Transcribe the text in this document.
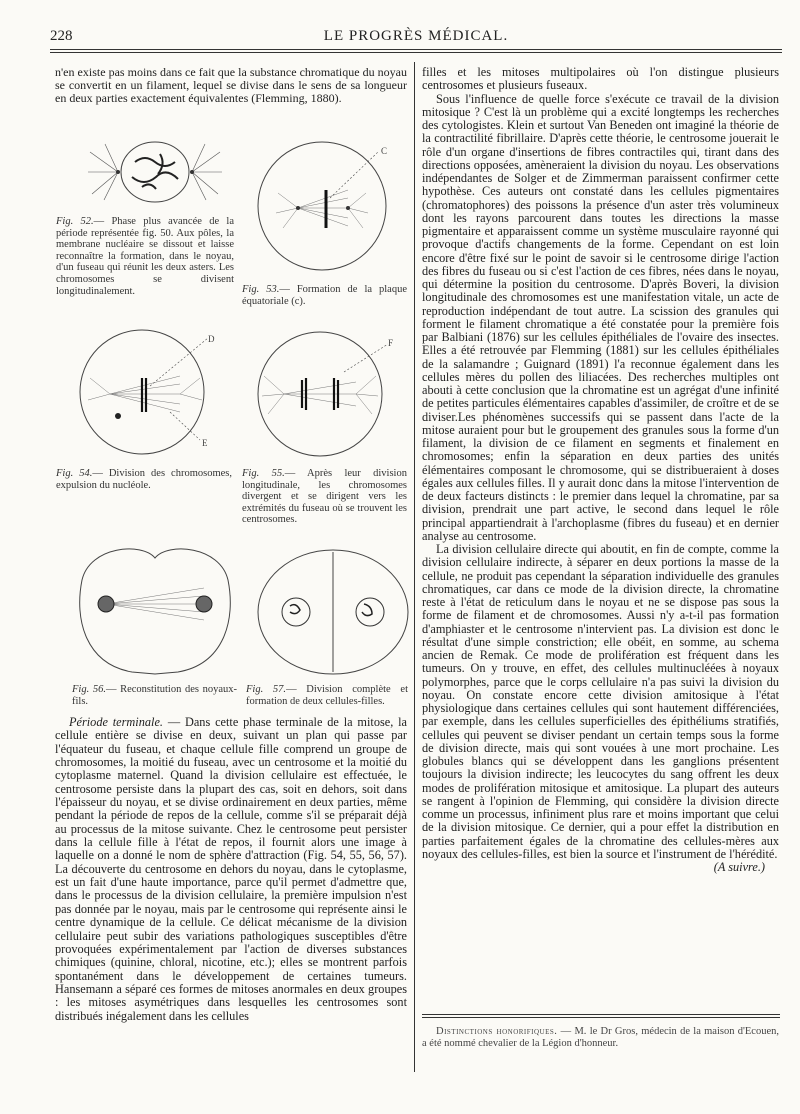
228	LE PROGRÈS MÉDICAL.

n'en existe pas moins dans ce fait que la substance chromatique du noyau se convertit en un filament, lequel se divise dans le sens de sa longueur en deux parties exactement équivalentes (Flemming, 1880).

Fig. 52.— Phase plus avancée de la période représentée fig. 50. Aux pôles, la membrane nucléaire se dissout et laisse reconnaître la formation, dans le noyau, d'un fuseau qui réunit les deux asters. Les chromosomes se divisent longitudinalement.
C
Fig. 53.— Formation de la plaque équatoriale (c).
D
E
Fig. 54.— Division des chromosomes, expulsion du nucléole.
F
Fig. 55.— Après leur division longitudinale, les chromosomes divergent et se dirigent vers les extrémités du fuseau où se trouvent les centrosomes.
Fig. 56.— Reconstitution des noyaux-fils.
Fig. 57.— Division complète et formation de deux cellules-filles.

Période terminale. — Dans cette phase terminale de la mitose, la cellule entière se divise en deux, suivant un plan qui passe par l'équateur du fuseau, et chaque cellule fille comprend un groupe de chromosomes, la moitié du fuseau, avec un centrosome et la moitié du cytoplasme maternel. Quand la division cellulaire est effectuée, le centrosome persiste dans la plupart des cas, soit en dehors, soit dans l'épaisseur du noyau, et se divise ordinairement en deux parties, même pendant la période de repos de la cellule, comme s'il se préparait déjà au processus de la mitose suivante. Chez le centrosome peut persister dans la cellule fille à l'état de repos, il fournit alors une image à laquelle on a donné le nom de sphère d'attraction (Fig. 54, 55, 56, 57). La découverte du centrosome en dehors du noyau, dans le cytoplasme, est un fait d'une haute importance, parce qu'il permet d'admettre que, dans le processus de la division cellulaire, la première impulsion n'est pas donnée par le noyau, mais par le centrosome qui représente ainsi le centre dynamique de la cellule. Ce délicat mécanisme de la division cellulaire peut subir des variations pathologiques susceptibles d'être provoquées expérimentalement par l'action de diverses substances chimiques (quinine, chloral, nicotine, etc.); elles se montrent parfois spontanément dans le développement de certaines tumeurs. Hansemann a séparé ces formes de mitoses anormales en deux groupes : les mitoses asymétriques dans lesquelles les centrosomes sont distribués inégalement dans les cellules

filles et les mitoses multipolaires où l'on distingue plusieurs centrosomes et plusieurs fuseaux.

Sous l'influence de quelle force s'exécute ce travail de la division mitosique ? C'est là un problème qui a excité longtemps les recherches des cytologistes. Klein et surtout Van Beneden ont imaginé la théorie de la contractilité fibrillaire. D'après cette théorie, le centrosome jouerait le rôle d'un organe d'insertions de fibres contractiles qui, tirant dans des directions opposées, amèneraient la division du noyau. Les observations indépendantes de Solger et de Zimmerman paraissent confirmer cette hypothèse. Ces auteurs ont constaté dans les cellules pigmentaires (chromatophores) des poissons la présence d'un aster très volumineux dont les rayons parcourent dans toutes les directions la masse pigmentaire et apparaissent comme un système musculaire rayonné qui provoque d'actifs changements de la forme. Cependant on est loin encore d'être fixé sur le point de savoir si le centrosome dirige l'action des fibres du fuseau ou si c'est l'action de ces fibres, nées dans le noyau, qui détermine la position du centrosome. D'après Boveri, la division longitudinale des chromosomes est une manifestation vitale, un acte de reproduction indépendant de tout autre. La scission des granules qui forment le filament chromatique a été constatée pour la première fois par Balbiani (1876) sur les cellules épithéliales de l'ovaire des insectes. Elles a été retrouvée par Flemming (1881) sur les cellules épithéliales de la salamandre ; Guignard (1891) l'a reconnue également dans les cellules mères du pollen des liliacées. Des recherches multiples ont abouti à cette conclusion que la chromatine est un agrégat d'une infinité de petites particules élémentaires capables d'assimiler, de croître et de se diviser.Les phénomènes successifs qui se passent dans l'acte de la mitose auraient pour but le groupement des granules sous la forme d'un filament, la division de ce filament en segments et finalement en chromosomes; enfin la séparation en deux parties des unités élémentaires composant le chromosome, qui se distribueraient à doses égales aux cellules filles. Il y aurait donc dans la mitose l'intervention de de deux facteurs distincts : le premier dans lequel la chromatine, par sa division, prendrait une part active, le second dans lequel le rôle principal appartiendrait à l'archoplasme (fibres du fuseau) et en dernier analyse au centrosome.

La division cellulaire directe qui aboutit, en fin de compte, comme la division cellulaire indirecte, à séparer en deux portions la masse de la cellule, ne produit pas cependant la séparation individuelle des granules chromatiques, car dans ce mode de la division directe, la chromatine reste à l'état de reticulum dans le noyau et ne se dispose pas sous la forme de filament et de chromosomes. Aussi n'y a-t-il pas formation d'amphiaster et le centrosome n'intervient pas. La division est donc le résultat d'une simple constriction; elle obéit, en somme, au schema ancien de Remak. Ce mode de prolifération est fréquent dans les tumeurs. On y trouve, en effet, des cellules multinucléées à noyaux polymorphes, parce que le corps cellulaire n'a pas suivi la division du noyau. On constate encore cette division amitosique à l'état physiologique dans certaines cellules qui sont hautement différenciées, par exemple, dans les cellules superficielles des épithéliums stratifiés, cellules qui peuvent se diviser pendant un certain temps sous la forme de division directe, mais qui sont vouées à une mort prochaine. Les globules blancs qui se développent dans les ganglions présentent toujours la division indirecte; les leucocytes du sang offrent les deux modes de prolifération mitosique et amitosique. La plupart des auteurs se rangent à l'opinion de Flemming, qui considère la division directe comme un processus, infiniment plus rare et moins important que celui de la division mitosique. Ce dernier, qui a pour effet la distribution en parties parfaitement égales de la chromatine des cellules-mères aux noyaux des cellules-filles, est bien la source et l'instrument de l'hérédité.
(A suivre.)

Distinctions honorifiques. — M. le Dr Gros, médecin de la maison d'Ecouen, a été nommé chevalier de la Légion d'honneur.
